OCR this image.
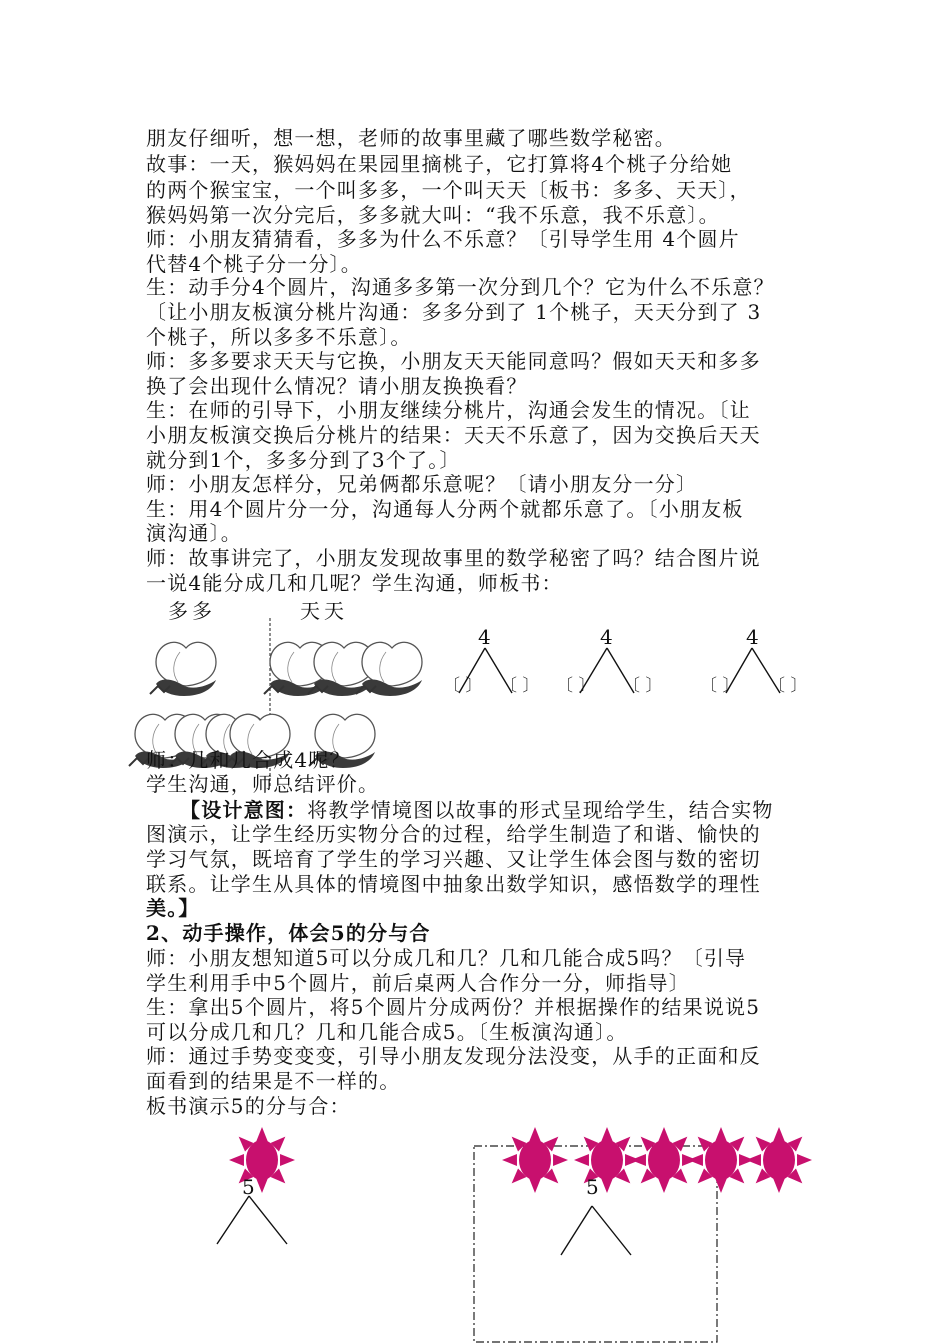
朋友仔细听，想一想，老师的故事里藏了哪些数学秘密。
故事：一天，猴妈妈在果园里摘桃子，它打算将4个桃子分给她
的两个猴宝宝，一个叫多多，一个叫天天〔板书：多多、天天〕，
猴妈妈第一次分完后，多多就大叫：“我不乐意，我不乐意〕。
师：小朋友猜猜看，多多为什么不乐意？〔引导学生用 4个圆片
代替4个桃子分一分〕。
生：动手分4个圆片，沟通多多第一次分到几个？它为什么不乐意？
〔让小朋友板演分桃片沟通：多多分到了 1个桃子，天天分到了 3
个桃子，所以多多不乐意〕。
师：多多要求天天与它换，小朋友天天能同意吗？假如天天和多多
换了会出现什么情况？请小朋友换换看？
生：在师的引导下，小朋友继续分桃片，沟通会发生的情况。〔让
小朋友板演交换后分桃片的结果：天天不乐意了，因为交换后天天
就分到1个，多多分到了3个了。〕
师：小朋友怎样分，兄弟俩都乐意呢？〔请小朋友分一分〕
生：用4个圆片分一分，沟通每人分两个就都乐意了。〔小朋友板
演沟通〕。
师：故事讲完了，小朋友发现故事里的数学秘密了吗？结合图片说
一说4能分成几和几呢？学生沟通，师板书：
多多	天天
4	4	4
〔 〕 〔 〕 〔 〕 〔 〕 〔 〕 〔 〕
师：几和几合成4呢？
学生沟通，师总结评价。
【设计意图：将教学情境图以故事的形式呈现给学生，结合实物
图演示，让学生经历实物分合的过程，给学生制造了和谐、愉快的
学习气氛，既培育了学生的学习兴趣、又让学生体会图与数的密切
联系。让学生从具体的情境图中抽象出数学知识，感悟数学的理性
美。】
2、动手操作，体会5的分与合
师：小朋友想知道5可以分成几和几？几和几能合成5吗？〔引导
学生利用手中5个圆片，前后桌两人合作分一分，师指导〕
生：拿出5个圆片，将5个圆片分成两份？并根据操作的结果说说5
可以分成几和几？几和几能合成5。〔生板演沟通〕。
师：通过手势变变变，引导小朋友发现分法没变，从手的正面和反
面看到的结果是不一样的。
板书演示5的分与合：
5	5
